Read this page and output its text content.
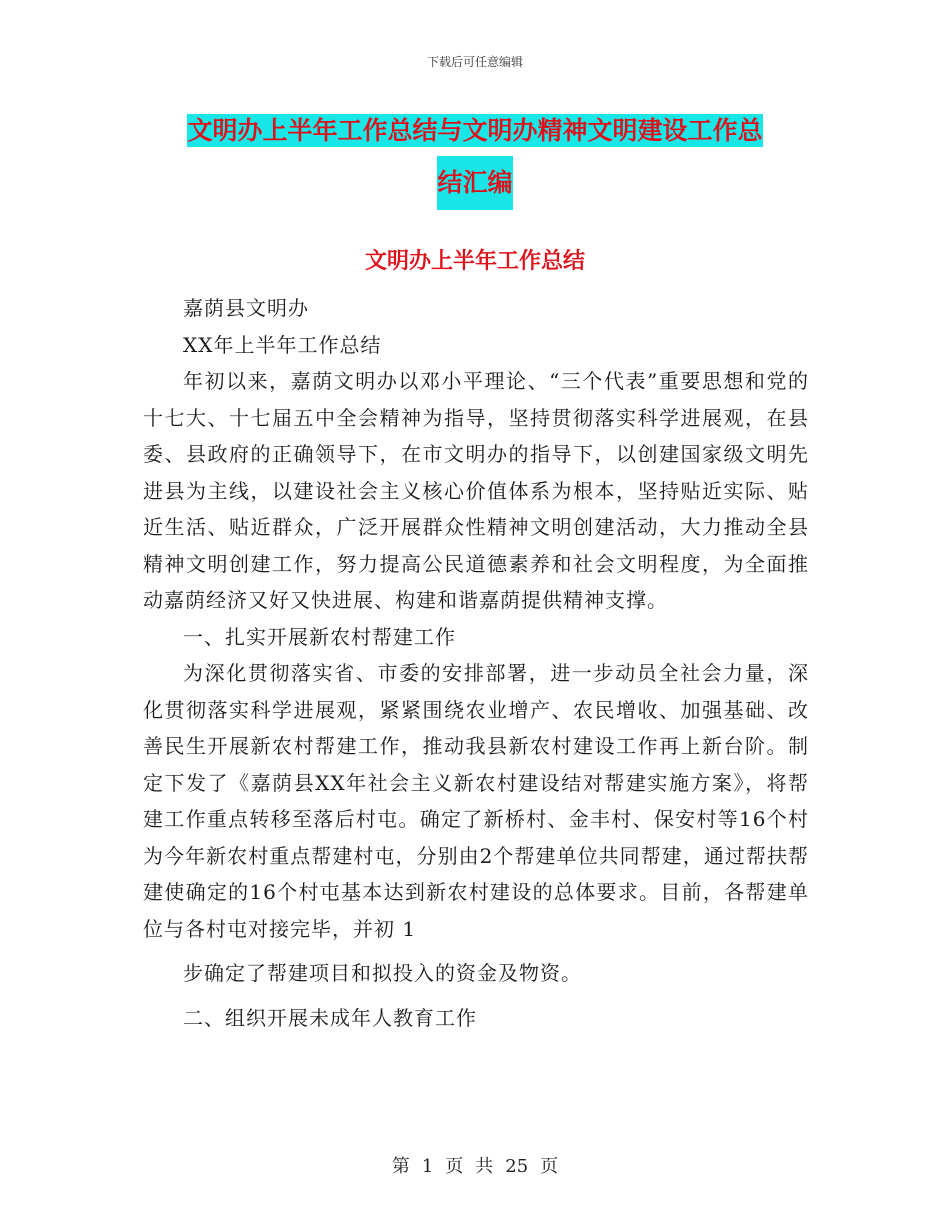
下载后可任意编辑
文明办上半年工作总结与文明办精神文明建设工作总
结汇编
文明办上半年工作总结

嘉荫县文明办

XX年上半年工作总结

年初以来，嘉荫文明办以邓小平理论、“三个代表”重要思想和党的十七大、十七届五中全会精神为指导，坚持贯彻落实科学进展观，在县委、县政府的正确领导下，在市文明办的指导下，以创建国家级文明先进县为主线，以建设社会主义核心价值体系为根本，坚持贴近实际、贴近生活、贴近群众，广泛开展群众性精神文明创建活动，大力推动全县精神文明创建工作，努力提高公民道德素养和社会文明程度，为全面推动嘉荫经济又好又快进展、构建和谐嘉荫提供精神支撑。

一、扎实开展新农村帮建工作

为深化贯彻落实省、市委的安排部署，进一步动员全社会力量，深化贯彻落实科学进展观，紧紧围绕农业增产、农民增收、加强基础、改善民生开展新农村帮建工作，推动我县新农村建设工作再上新台阶。制定下发了《嘉荫县XX年社会主义新农村建设结对帮建实施方案》，将帮建工作重点转移至落后村屯。确定了新桥村、金丰村、保安村等16个村为今年新农村重点帮建村屯，分别由2个帮建单位共同帮建，通过帮扶帮建使确定的16个村屯基本达到新农村建设的总体要求。目前，各帮建单位与各村屯对接完毕，并初 1

步确定了帮建项目和拟投入的资金及物资。

二、组织开展未成年人教育工作

第 1 页 共 25 页
